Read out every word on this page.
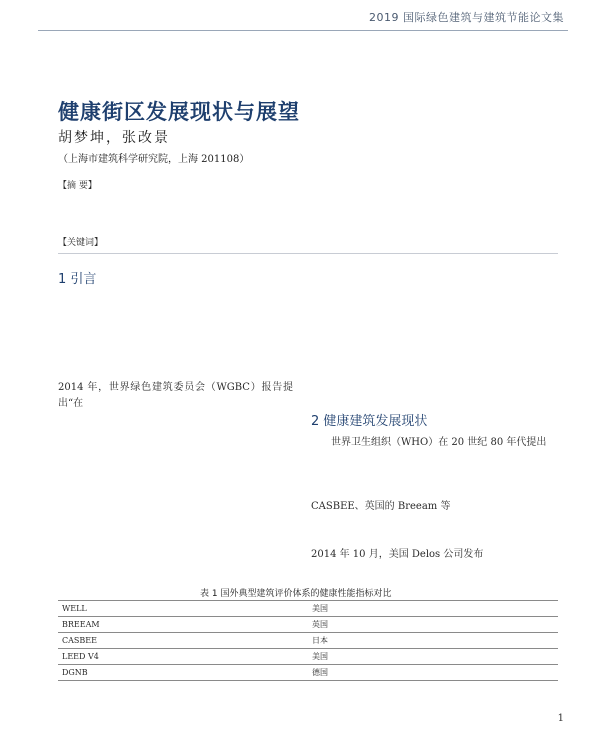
2019 国际绿色建筑与建筑节能论文集
健康街区发展现状与展望
胡梦坤，张改景
（上海市建筑科学研究院，上海 201108）
【摘 要】
【关键词】
1 引言
2014 年，世界绿色建筑委员会（WGBC）报告提出“在
2 健康建筑发展现状
世界卫生组织（WHO）在 20 世纪 80 年代提出
CASBEE、英国的 Breeam 等
2014 年 10 月，美国 Delos 公司发布
表 1 国外典型建筑评价体系的健康性能指标对比
WELL	美国
BREEAM	英国
CASBEE	日本
LEED V4	美国
DGNB	德国
1
